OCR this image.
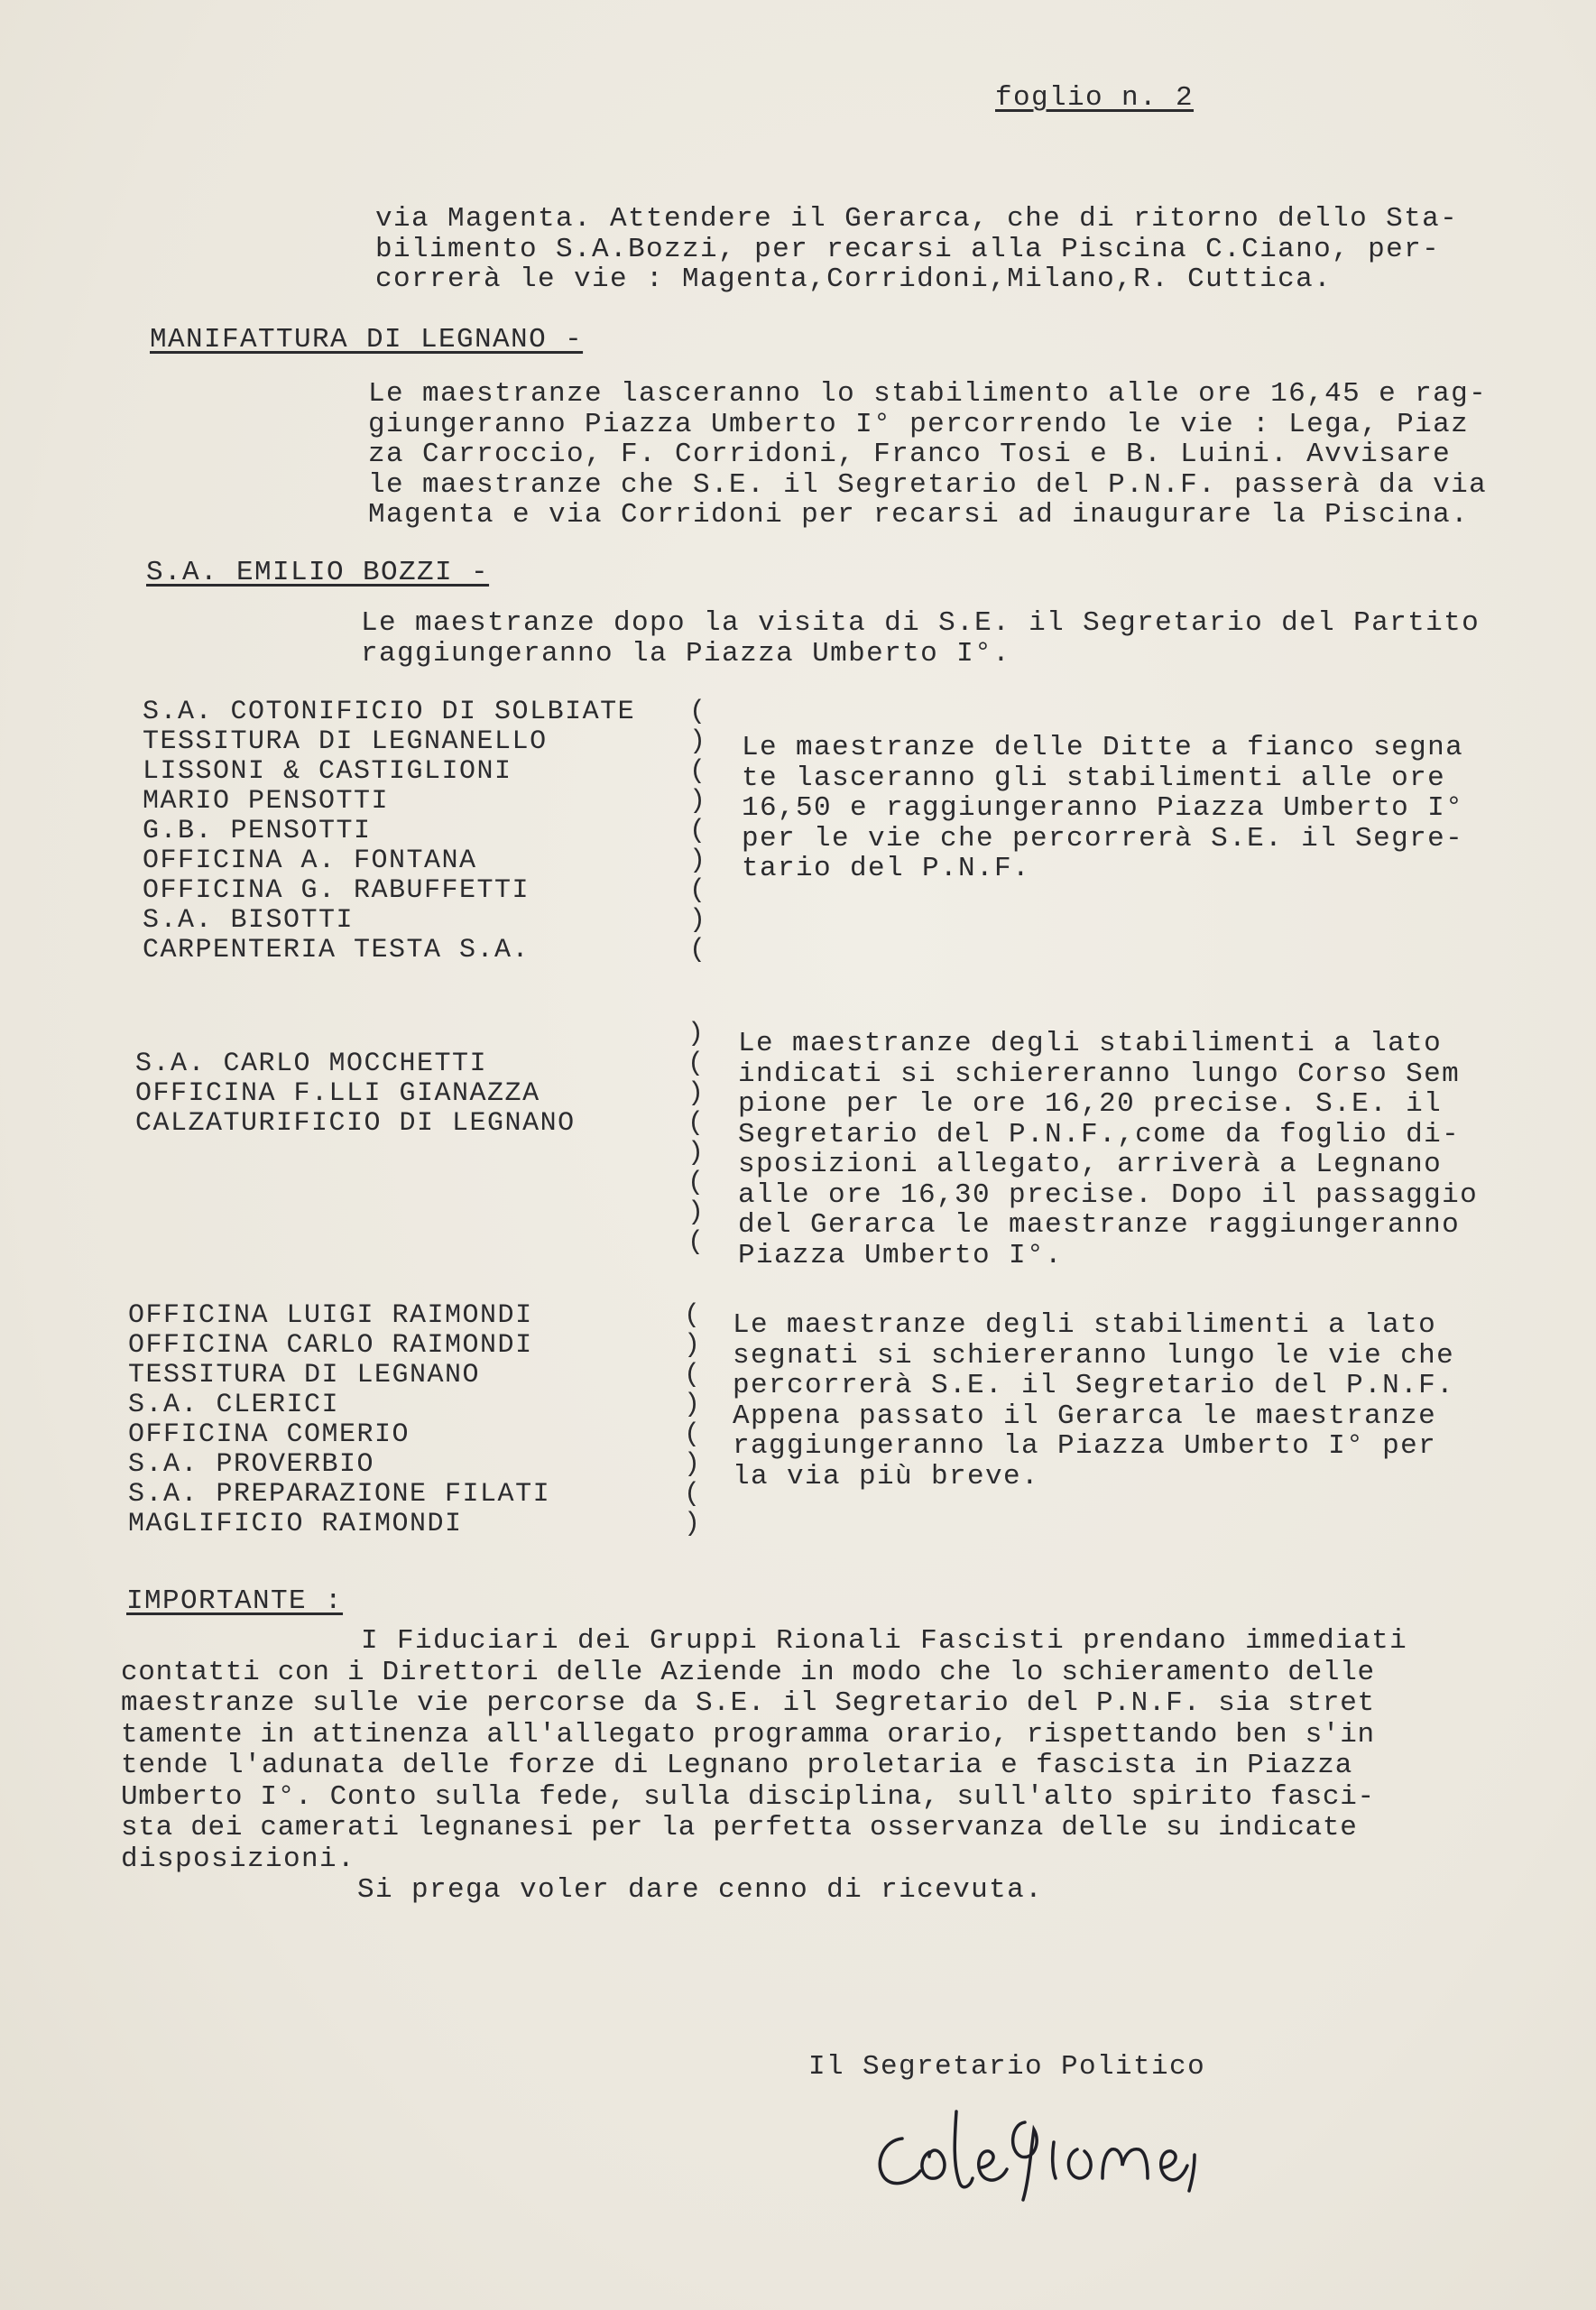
foglio n. 2
via Magenta. Attendere il Gerarca, che di ritorno dello Sta-
bilimento S.A.Bozzi, per recarsi alla Piscina C.Ciano, per-
correrà le vie : Magenta,Corridoni,Milano,R. Cuttica.
MANIFATTURA DI LEGNANO -
Le maestranze lasceranno lo stabilimento alle ore 16,45 e rag-
giungeranno Piazza Umberto I° percorrendo le vie : Lega, Piaz
za Carroccio, F. Corridoni, Franco Tosi e B. Luini. Avvisare
le maestranze che S.E. il Segretario del P.N.F. passerà da via
Magenta e via Corridoni per recarsi ad inaugurare la Piscina.
S.A. EMILIO BOZZI -
Le maestranze dopo la visita di S.E. il Segretario del Partito
raggiungeranno la Piazza Umberto I°.
S.A. COTONIFICIO DI SOLBIATE
TESSITURA DI LEGNANELLO
LISSONI & CASTIGLIONI
MARIO PENSOTTI
G.B. PENSOTTI
OFFICINA A. FONTANA
OFFICINA G. RABUFFETTI
S.A. BISOTTI
CARPENTERIA TESTA S.A.
(
)
(
)
(
)
(
)
(
Le maestranze delle Ditte a fianco segna
te lasceranno gli stabilimenti alle ore
16,50 e raggiungeranno Piazza Umberto I°
per le vie che percorrerà S.E. il Segre-
tario del P.N.F.
S.A. CARLO MOCCHETTI
OFFICINA F.LLI GIANAZZA
CALZATURIFICIO DI LEGNANO
)
(
)
(
)
(
)
(
Le maestranze degli stabilimenti a lato
indicati si schiereranno lungo Corso Sem
pione per le ore 16,20 precise. S.E. il
Segretario del P.N.F.,come da foglio di-
sposizioni allegato, arriverà a Legnano
alle ore 16,30 precise. Dopo il passaggio
del Gerarca le maestranze raggiungeranno
Piazza Umberto I°.
OFFICINA LUIGI RAIMONDI
OFFICINA CARLO RAIMONDI
TESSITURA DI LEGNANO
S.A. CLERICI
OFFICINA COMERIO
S.A. PROVERBIO
S.A. PREPARAZIONE FILATI
MAGLIFICIO RAIMONDI
(
)
(
)
(
)
(
)
Le maestranze degli stabilimenti a lato
segnati si schiereranno lungo le vie che
percorrerà S.E. il Segretario del P.N.F.
Appena passato il Gerarca le maestranze
raggiungeranno la Piazza Umberto I° per
la via più breve.
IMPORTANTE :
I Fiduciari dei Gruppi Rionali Fascisti prendano immediati
contatti con i Direttori delle Aziende in modo che lo schieramento delle
maestranze sulle vie percorse da S.E. il Segretario del P.N.F. sia stret
tamente in attinenza all'allegato programma orario, rispettando ben s'in
tende l'adunata delle forze di Legnano proletaria e fascista in Piazza
Umberto I°. Conto sulla fede, sulla disciplina, sull'alto spirito fasci-
sta dei camerati legnanesi per la perfetta osservanza delle su indicate
disposizioni.
Si prega voler dare cenno di ricevuta.
Il Segretario Politico
